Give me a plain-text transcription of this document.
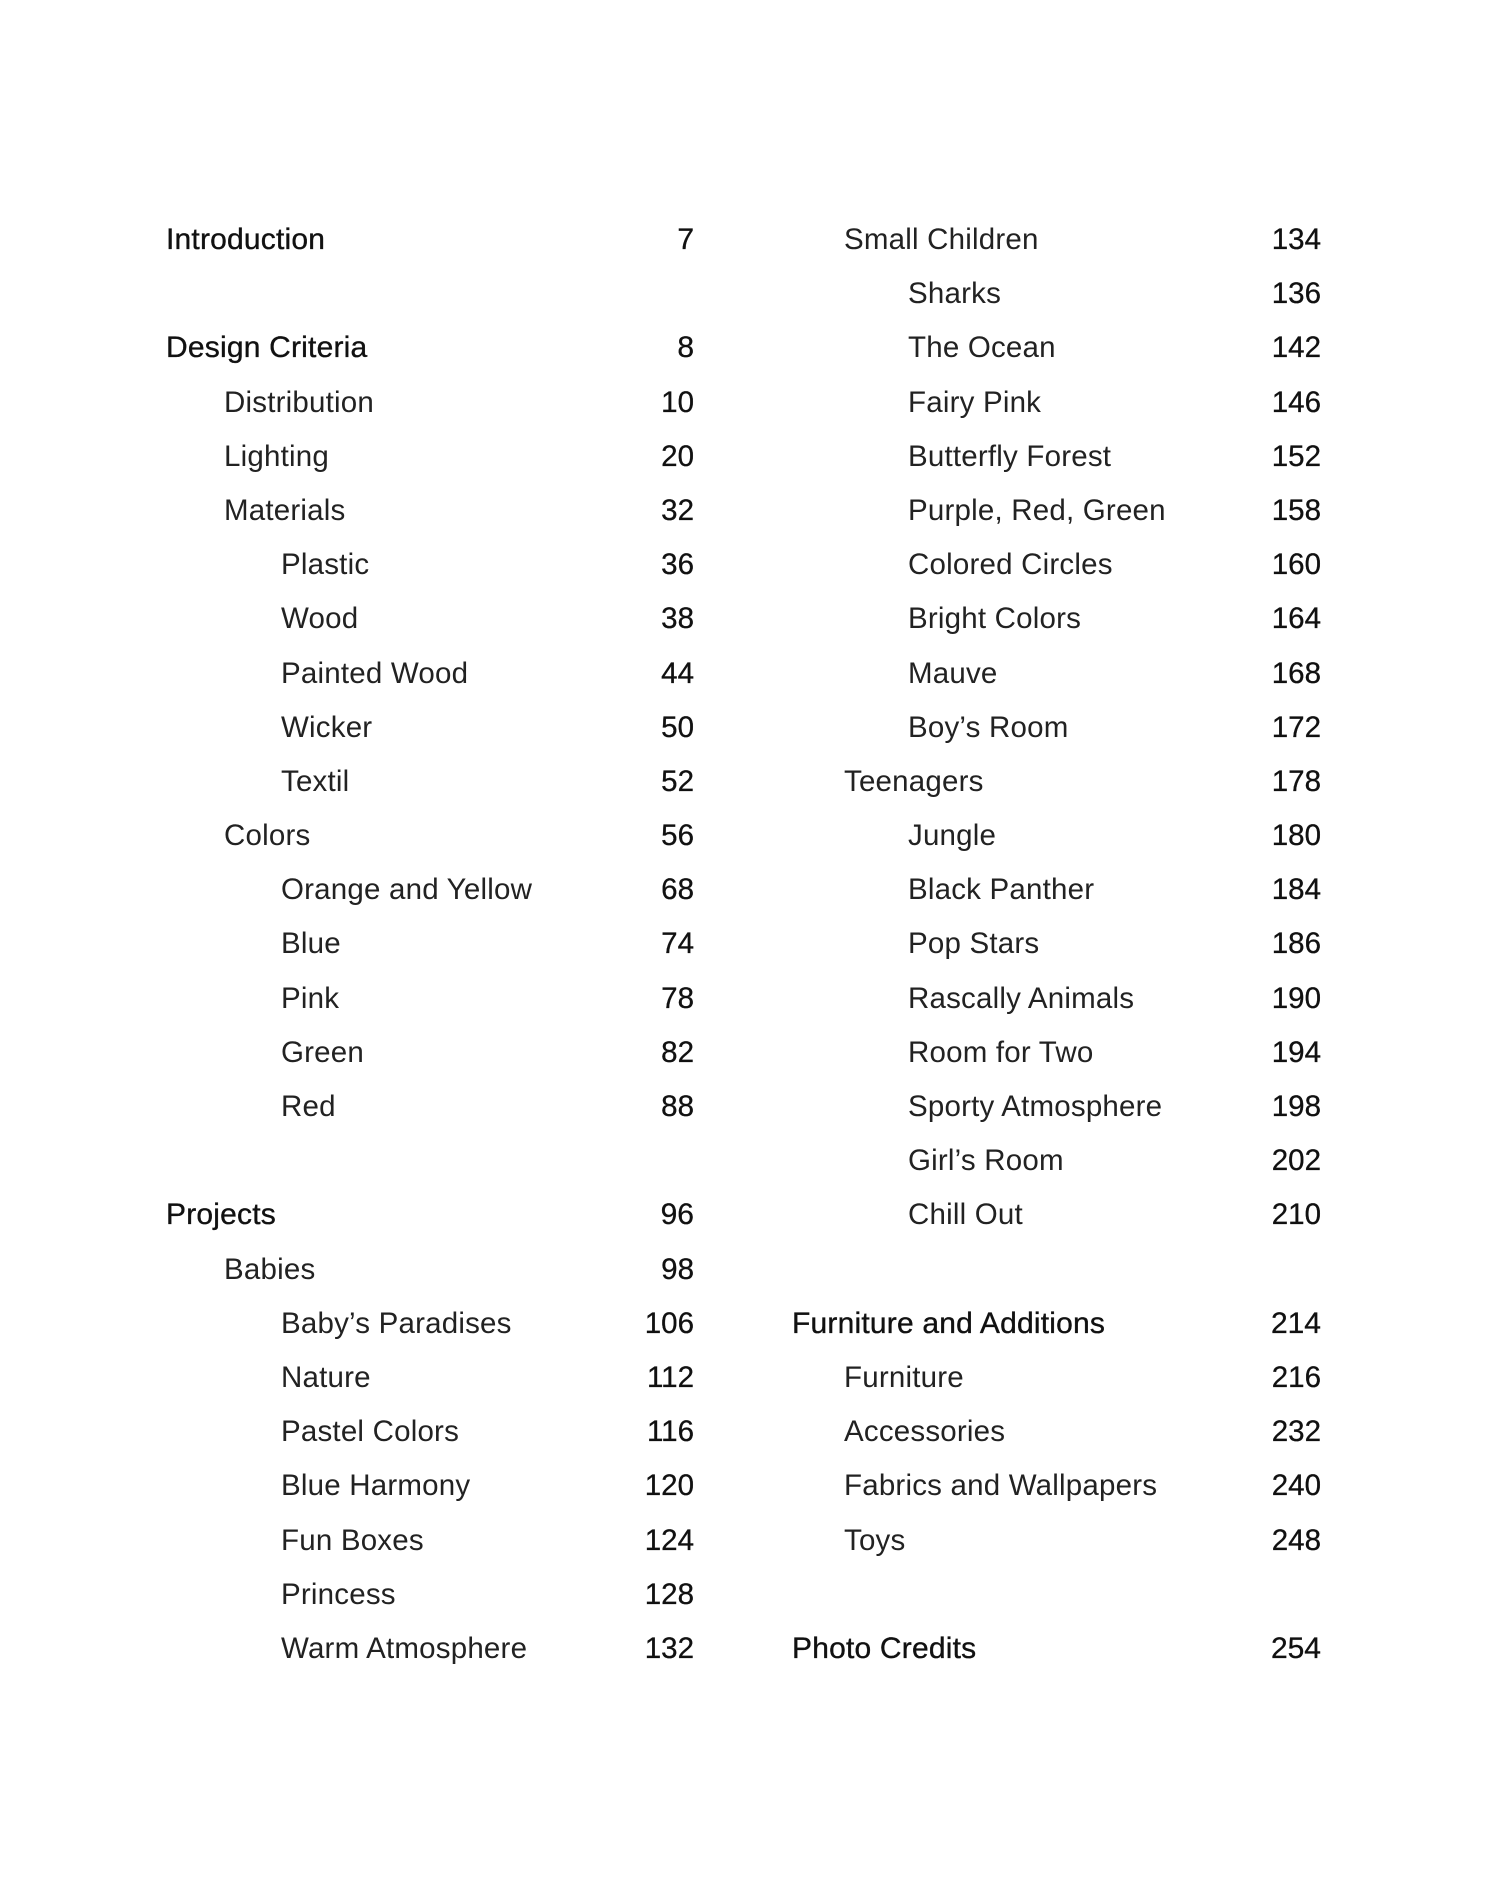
Introduction	7
Design Criteria	8
Distribution	10
Lighting	20
Materials	32
Plastic	36
Wood	38
Painted Wood	44
Wicker	50
Textil	52
Colors	56
Orange and Yellow	68
Blue	74
Pink	78
Green	82
Red	88
Projects	96
Babies	98
Baby’s Paradises	106
Nature	112
Pastel Colors	116
Blue Harmony	120
Fun Boxes	124
Princess	128
Warm Atmosphere	132
Small Children	134
Sharks	136
The Ocean	142
Fairy Pink	146
Butterfly Forest	152
Purple, Red, Green	158
Colored Circles	160
Bright Colors	164
Mauve	168
Boy’s Room	172
Teenagers	178
Jungle	180
Black Panther	184
Pop Stars	186
Rascally Animals	190
Room for Two	194
Sporty Atmosphere	198
Girl’s Room	202
Chill Out	210
Furniture and Additions	214
Furniture	216
Accessories	232
Fabrics and Wallpapers	240
Toys	248
Photo Credits	254
